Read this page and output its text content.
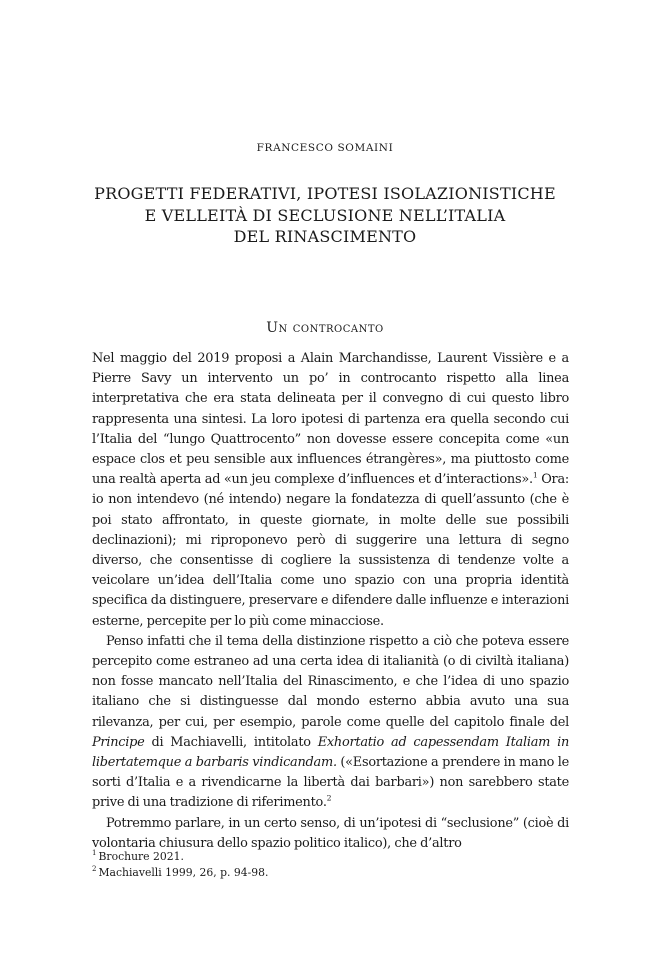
FRANCESCO SOMAINI
PROGETTI FEDERATIVI, IPOTESI ISOLAZIONISTICHE
E VELLEITÀ DI SECLUSIONE NELL’ITALIA
DEL RINASCIMENTO
Un controcanto

Nel maggio del 2019 proposi a Alain Marchandisse, Laurent Vissière e a Pierre Savy un intervento un po’ in controcanto rispetto alla linea interpretativa che era stata delineata per il convegno di cui questo libro rappresenta una sintesi. La loro ipotesi di partenza era quella secondo cui l’Italia del “lungo Quattrocento” non dovesse essere concepita come «un espace clos et peu sensible aux influences étrangères», ma piuttosto come una realtà aperta ad «un jeu complexe d’influences et d’interactions».$^1$ Ora: io non intendevo (né intendo) negare la fondatezza di quell’assunto (che è poi stato affrontato, in queste giornate, in molte delle sue possibili declinazioni); mi riproponevo però di suggerire una lettura di segno diverso, che consentisse di cogliere la sussistenza di tendenze volte a veicolare un’idea dell’Italia come uno spazio con una propria identità specifica da distinguere, preservare e difendere dalle influenze e interazioni esterne, percepite per lo più come minacciose.

Penso infatti che il tema della distinzione rispetto a ciò che poteva essere percepito come estraneo ad una certa idea di italianità (o di civiltà italiana) non fosse mancato nell’Italia del Rinascimento, e che l’idea di uno spazio italiano che si distinguesse dal mondo esterno abbia avuto una sua rilevanza, per cui, per esempio, parole come quelle del capitolo finale del Principe di Machiavelli, intitolato Exhortatio ad capessendam Italiam in libertatemque a barbaris vindicandam. («Esortazione a prendere in mano le sorti d’Italia e a rivendicarne la libertà dai barbari») non sarebbero state prive di una tradizione di riferimento.$^2$

Potremmo parlare, in un certo senso, di un’ipotesi di “seclusione” (cioè di volontaria chiusura dello spazio politico italico), che d’altro

$^1$ Brochure 2021.
$^2$ Machiavelli 1999, 26, p. 94-98.
